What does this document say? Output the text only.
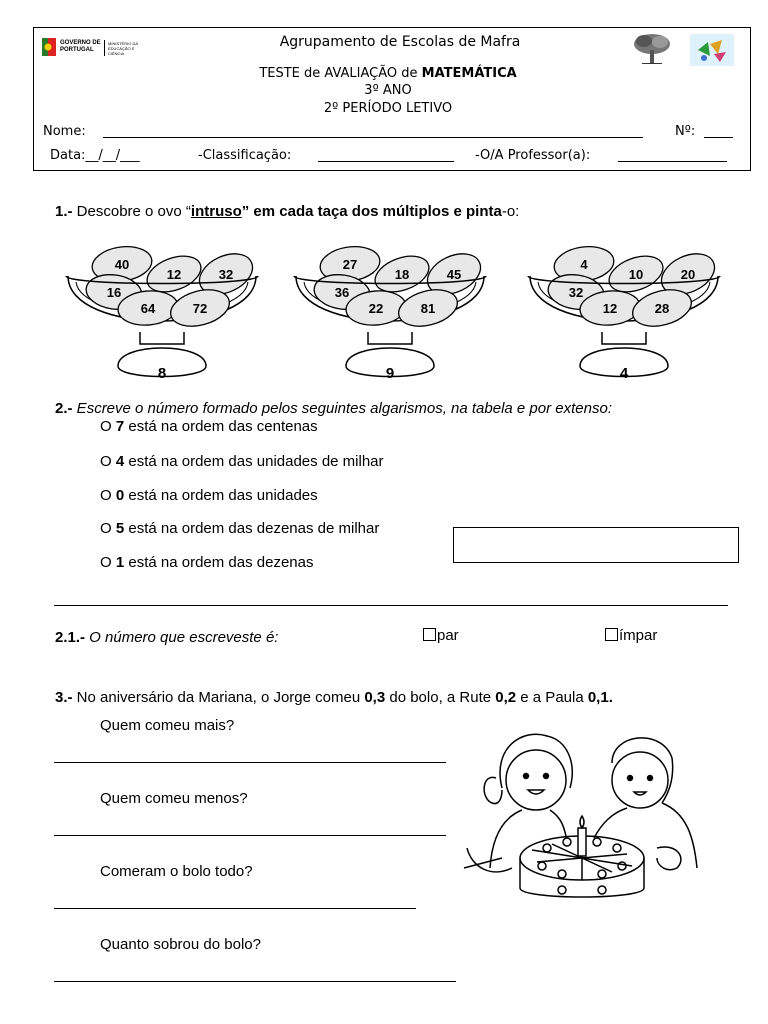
GOVERNO DE PORTUGAL
MINISTÉRIO DA EDUCAÇÃO E CIÊNCIA
Agrupamento de Escolas de Mafra
TESTE de AVALIAÇÃO de MATEMÁTICA
3º ANO
2º PERÍODO LETIVO
Nome:	Nº:
Data:__/__/___	-Classificação:	-O/A Professor(a):
1.- Descobre o ovo “intruso” em cada taça dos múltiplos e pinta-o:
40
12	32
16
64	72
8
27
18	45
36
22	81
9
4
10	20
32
12	28
4
2.- Escreve o número formado pelos seguintes algarismos, na tabela e por extenso:
O 7 está na ordem das centenas
O 4 está na ordem das unidades de milhar
O 0 está na ordem das unidades
O 5 está na ordem das dezenas de milhar
O 1 está na ordem das dezenas
2.1.- O número que escreveste é:	par	ímpar
3.- No aniversário da Mariana, o Jorge comeu 0,3 do bolo, a Rute 0,2 e a Paula 0,1.
Quem comeu mais?
Quem comeu menos?
Comeram o bolo todo?
Quanto sobrou do bolo?
